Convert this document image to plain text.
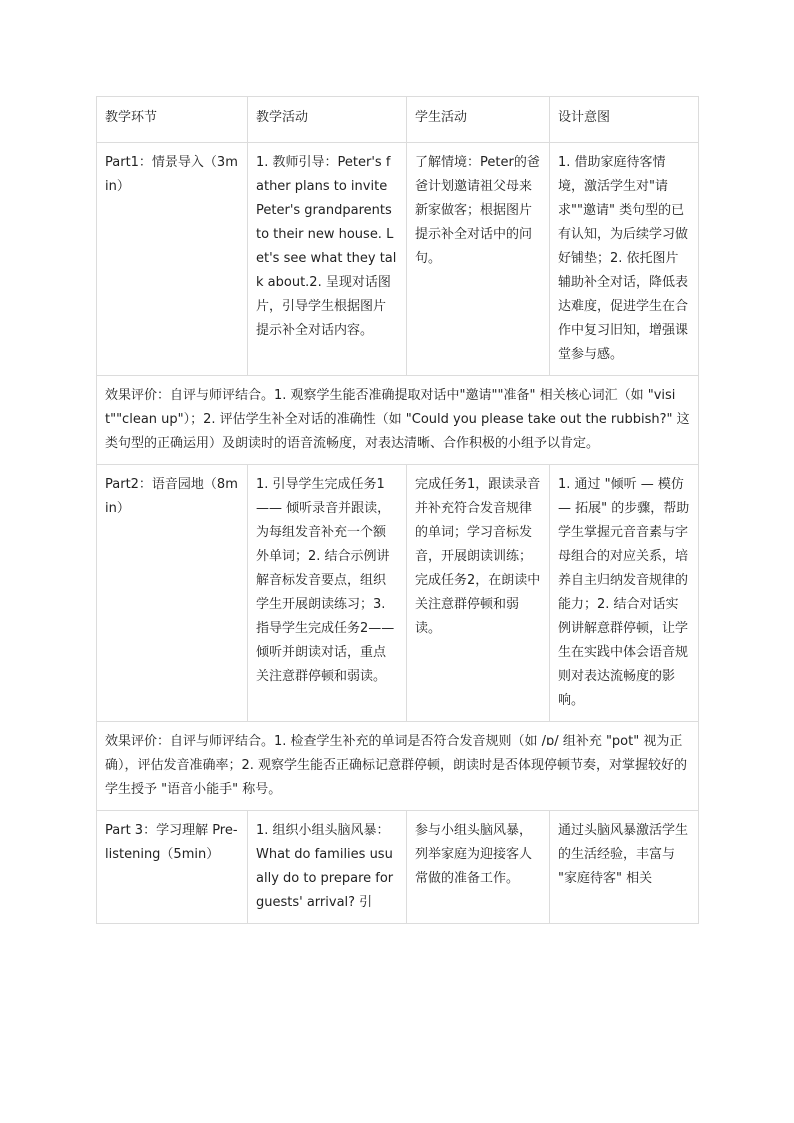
教学环节	教学活动	学生活动	设计意图
Part1：情景导入（3min）	1. 教师引导：Peter's father plans to invite Peter's grandparents to their new house. Let's see what they talk about.2. 呈现对话图片，引导学生根据图片提示补全对话内容。	了解情境：Peter的爸爸计划邀请祖父母来新家做客；根据图片提示补全对话中的问句。	1. 借助家庭待客情境，激活学生对"请求""邀请" 类句型的已有认知，为后续学习做好铺垫；2. 依托图片辅助补全对话，降低表达难度，促进学生在合作中复习旧知，增强课堂参与感。
效果评价：自评与师评结合。1. 观察学生能否准确提取对话中"邀请""准备" 相关核心词汇（如 "visit""clean up"）；2. 评估学生补全对话的准确性（如 "Could you please take out the rubbish?" 这类句型的正确运用）及朗读时的语音流畅度，对表达清晰、合作积极的小组予以肯定。			
Part2：语音园地（8min）	1. 引导学生完成任务1—— 倾听录音并跟读，为每组发音补充一个额外单词；2. 结合示例讲解音标发音要点，组织学生开展朗读练习；3. 指导学生完成任务2—— 倾听并朗读对话，重点关注意群停顿和弱读。	完成任务1，跟读录音并补充符合发音规律的单词；学习音标发音，开展朗读训练；完成任务2，在朗读中关注意群停顿和弱读。	1. 通过 "倾听 — 模仿 — 拓展" 的步骤，帮助学生掌握元音音素与字母组合的对应关系，培养自主归纳发音规律的能力；2. 结合对话实例讲解意群停顿，让学生在实践中体会语音规则对表达流畅度的影响。
效果评价：自评与师评结合。1. 检查学生补充的单词是否符合发音规则（如 /ɒ/ 组补充 "pot" 视为正确），评估发音准确率；2. 观察学生能否正确标记意群停顿，朗读时是否体现停顿节奏，对掌握较好的学生授予 "语音小能手" 称号。			
Part 3：学习理解 Pre-listening（5min）	1. 组织小组头脑风暴：What do families usually do to prepare for guests' arrival? 引	参与小组头脑风暴，列举家庭为迎接客人常做的准备工作。	通过头脑风暴激活学生的生活经验，丰富与 "家庭待客" 相关
